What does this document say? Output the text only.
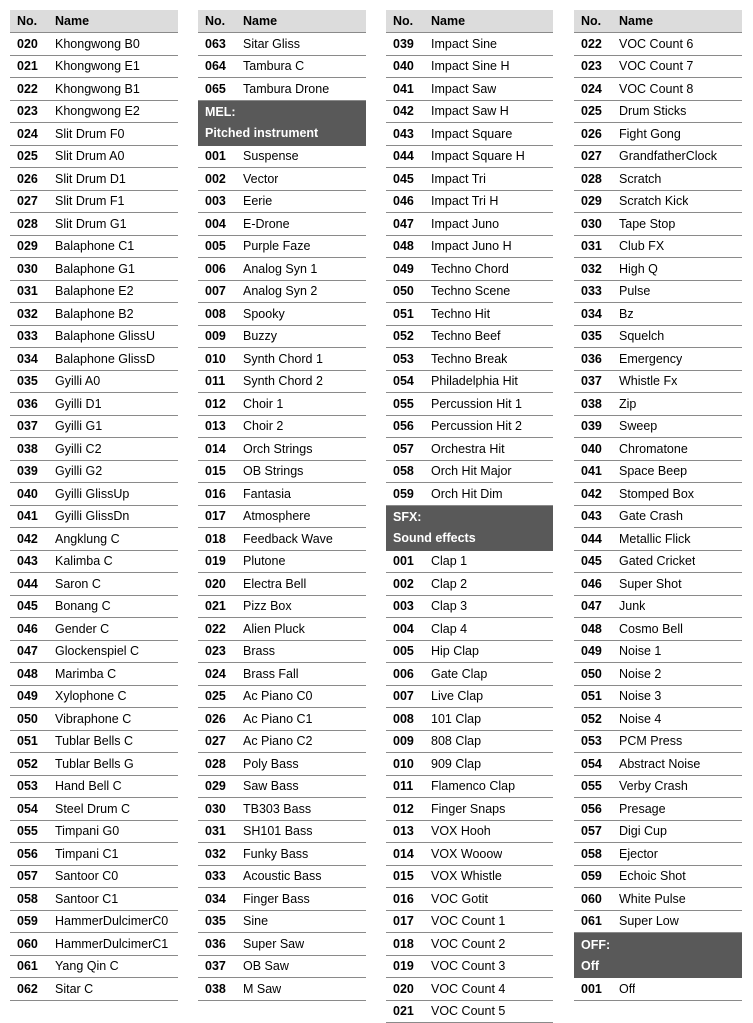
No.	Name
020	Khongwong B0
021	Khongwong E1
022	Khongwong B1
023	Khongwong E2
024	Slit Drum F0
025	Slit Drum A0
026	Slit Drum D1
027	Slit Drum F1
028	Slit Drum G1
029	Balaphone C1
030	Balaphone G1
031	Balaphone E2
032	Balaphone B2
033	Balaphone GlissU
034	Balaphone GlissD
035	Gyilli A0
036	Gyilli D1
037	Gyilli G1
038	Gyilli C2
039	Gyilli G2
040	Gyilli GlissUp
041	Gyilli GlissDn
042	Angklung C
043	Kalimba C
044	Saron C
045	Bonang C
046	Gender C
047	Glockenspiel C
048	Marimba C
049	Xylophone C
050	Vibraphone C
051	Tublar Bells C
052	Tublar Bells G
053	Hand Bell C
054	Steel Drum C
055	Timpani G0
056	Timpani C1
057	Santoor C0
058	Santoor C1
059	HammerDulcimerC0
060	HammerDulcimerC1
061	Yang Qin C
062	Sitar C
No.	Name
063	Sitar Gliss
064	Tambura C
065	Tambura Drone
MEL:
Pitched instrument
001	Suspense
002	Vector
003	Eerie
004	E-Drone
005	Purple Faze
006	Analog Syn 1
007	Analog Syn 2
008	Spooky
009	Buzzy
010	Synth Chord 1
011	Synth Chord 2
012	Choir 1
013	Choir 2
014	Orch Strings
015	OB Strings
016	Fantasia
017	Atmosphere
018	Feedback Wave
019	Plutone
020	Electra Bell
021	Pizz Box
022	Alien Pluck
023	Brass
024	Brass Fall
025	Ac Piano C0
026	Ac Piano C1
027	Ac Piano C2
028	Poly Bass
029	Saw Bass
030	TB303 Bass
031	SH101 Bass
032	Funky Bass
033	Acoustic Bass
034	Finger Bass
035	Sine
036	Super Saw
037	OB Saw
038	M Saw
No.	Name
039	Impact Sine
040	Impact Sine H
041	Impact Saw
042	Impact Saw H
043	Impact Square
044	Impact Square H
045	Impact Tri
046	Impact Tri H
047	Impact Juno
048	Impact Juno H
049	Techno Chord
050	Techno Scene
051	Techno Hit
052	Techno Beef
053	Techno Break
054	Philadelphia Hit
055	Percussion Hit 1
056	Percussion Hit 2
057	Orchestra Hit
058	Orch Hit Major
059	Orch Hit Dim
SFX:
Sound effects
001	Clap 1
002	Clap 2
003	Clap 3
004	Clap 4
005	Hip Clap
006	Gate Clap
007	Live Clap
008	101 Clap
009	808 Clap
010	909 Clap
011	Flamenco Clap
012	Finger Snaps
013	VOX Hooh
014	VOX Wooow
015	VOX Whistle
016	VOC Gotit
017	VOC Count 1
018	VOC Count 2
019	VOC Count 3
020	VOC Count 4
021	VOC Count 5
No.	Name
022	VOC Count 6
023	VOC Count 7
024	VOC Count 8
025	Drum Sticks
026	Fight Gong
027	GrandfatherClock
028	Scratch
029	Scratch Kick
030	Tape Stop
031	Club FX
032	High Q
033	Pulse
034	Bz
035	Squelch
036	Emergency
037	Whistle Fx
038	Zip
039	Sweep
040	Chromatone
041	Space Beep
042	Stomped Box
043	Gate Crash
044	Metallic Flick
045	Gated Cricket
046	Super Shot
047	Junk
048	Cosmo Bell
049	Noise 1
050	Noise 2
051	Noise 3
052	Noise 4
053	PCM Press
054	Abstract Noise
055	Verby Crash
056	Presage
057	Digi Cup
058	Ejector
059	Echoic Shot
060	White Pulse
061	Super Low
OFF:
Off
001	Off
